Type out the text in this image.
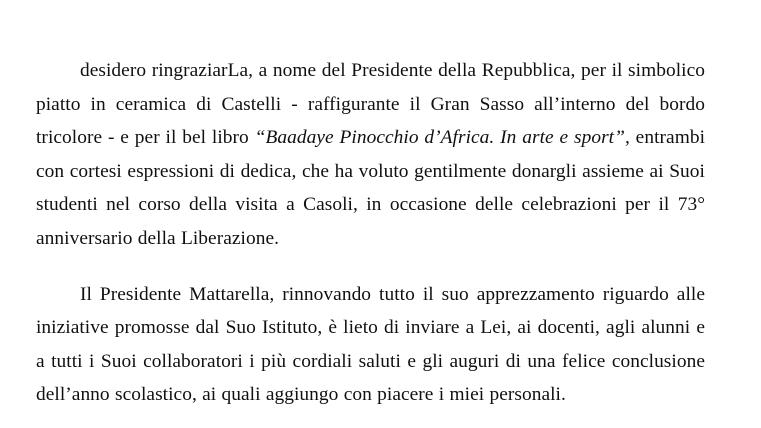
desidero ringraziarLa, a nome del Presidente della Repubblica, per il simbolico piatto in ceramica di Castelli - raffigurante il Gran Sasso all’interno del bordo tricolore - e per il bel libro “Baadaye Pinocchio d’Africa. In arte e sport”, entrambi con cortesi espressioni di dedica, che ha voluto gentilmente donargli assieme ai Suoi studenti nel corso della visita a Casoli, in occasione delle celebrazioni per il 73° anniversario della Liberazione.

Il Presidente Mattarella, rinnovando tutto il suo apprezzamento riguardo alle iniziative promosse dal Suo Istituto, è lieto di inviare a Lei, ai docenti, agli alunni e a tutti i Suoi collaboratori i più cordiali saluti e gli auguri di una felice conclusione dell’anno scolastico, ai quali aggiungo con piacere i miei personali.
